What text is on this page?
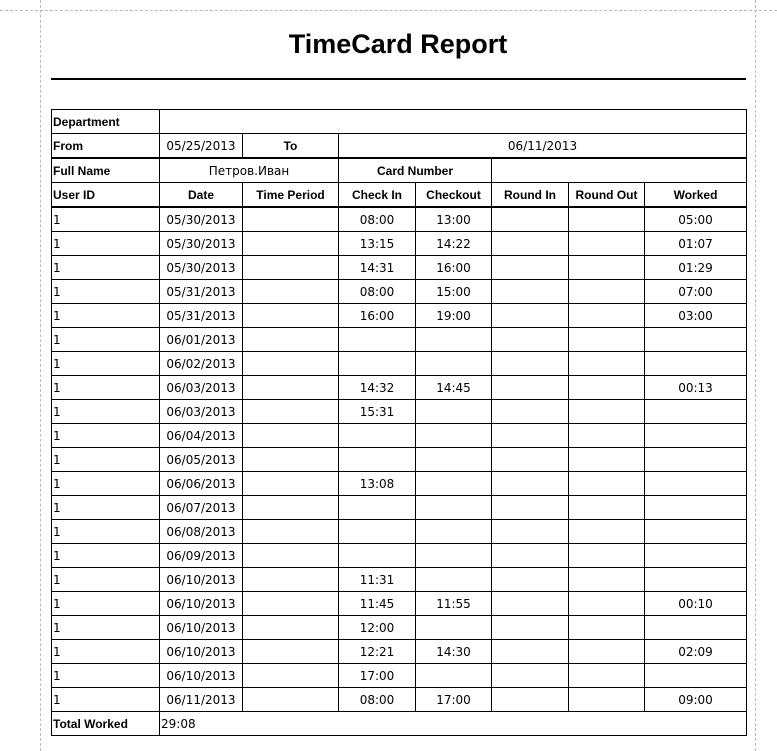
TimeCard Report
Department							
From	05/25/2013	To	06/11/2013				
Full Name	Петров.Иван		Card Number				
User ID	Date	Time Period	Check In	Checkout	Round In	Round Out	Worked
1	05/30/2013		08:00	13:00			05:00
1	05/30/2013		13:15	14:22			01:07
1	05/30/2013		14:31	16:00			01:29
1	05/31/2013		08:00	15:00			07:00
1	05/31/2013		16:00	19:00			03:00
1	06/01/2013						
1	06/02/2013						
1	06/03/2013		14:32	14:45			00:13
1	06/03/2013		15:31				
1	06/04/2013						
1	06/05/2013						
1	06/06/2013		13:08				
1	06/07/2013						
1	06/08/2013						
1	06/09/2013						
1	06/10/2013		11:31				
1	06/10/2013		11:45	11:55			00:10
1	06/10/2013		12:00				
1	06/10/2013		12:21	14:30			02:09
1	06/10/2013		17:00				
1	06/11/2013		08:00	17:00			09:00
Total Worked	29:08						
